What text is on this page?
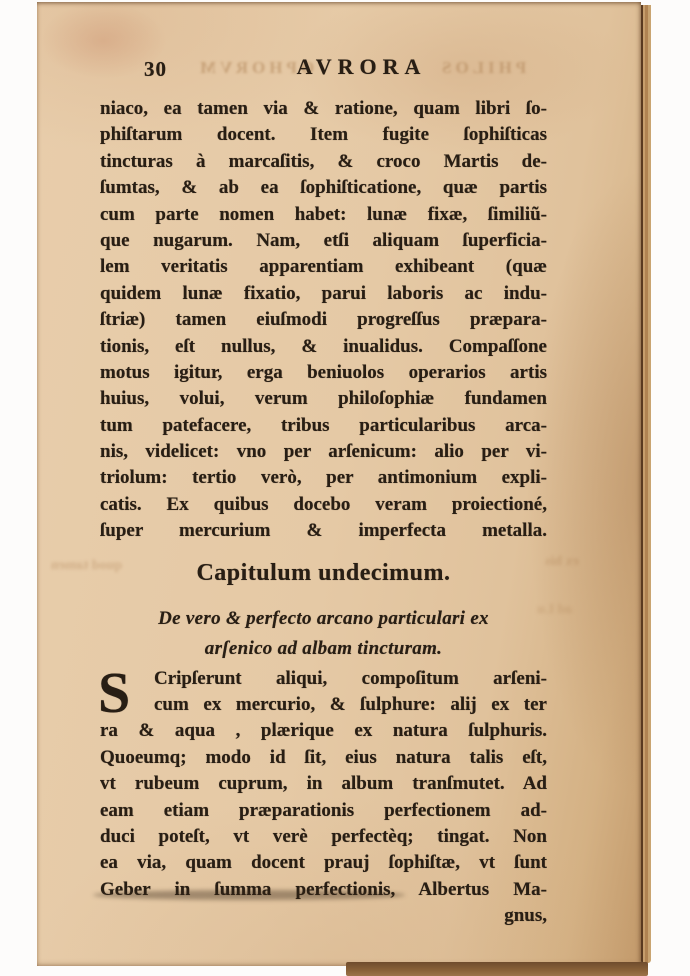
OPHORVM	PHILOS
30	AVRORA
quod tamen	ex his
ad Lu
niaco, ea tamen via & ratione, quam libri ſo-
phiſtarum docent. Item fugite ſophiſticas
tincturas à marcaſitis, & croco Martis de-
ſumtas, & ab ea ſophiſticatione, quæ partis
cum parte nomen habet: lunæ fixæ, ſimiliũ-
que nugarum. Nam, etſi aliquam ſuperficia-
lem veritatis apparentiam exhibeant (quæ
quidem lunæ fixatio, parui laboris ac indu-
ſtriæ) tamen eiuſmodi progreſſus præpara-
tionis, eſt nullus, & inualidus. Compaſſone
motus igitur, erga beniuolos operarios artis
huius, volui, verum philoſophiæ fundamen
tum patefacere, tribus particularibus arca-
nis, videlicet: vno per arſenicum: alio per vi-
triolum: tertio verò, per antimonium expli-
catis. Ex quibus docebo veram proiectioné,
ſuper mercurium & imperfecta metalla.
Capitulum undecimum.
De vero & perfecto arcano particulari ex
arſenico ad albam tincturam.
S	Cripſerunt aliqui, compoſitum arſeni-
cum ex mercurio, & ſulphure: alij ex ter
ra & aqua , plærique ex natura ſulphuris.
Quoeumq; modo id ſit, eius natura talis eſt,
vt rubeum cuprum, in album tranſmutet. Ad
eam etiam præparationis perfectionem ad-
duci poteſt, vt verè perfectèq; tingat. Non
ea via, quam docent prauj ſophiſtæ, vt ſunt
Geber in ſumma perfectionis, Albertus Ma-
gnus,
